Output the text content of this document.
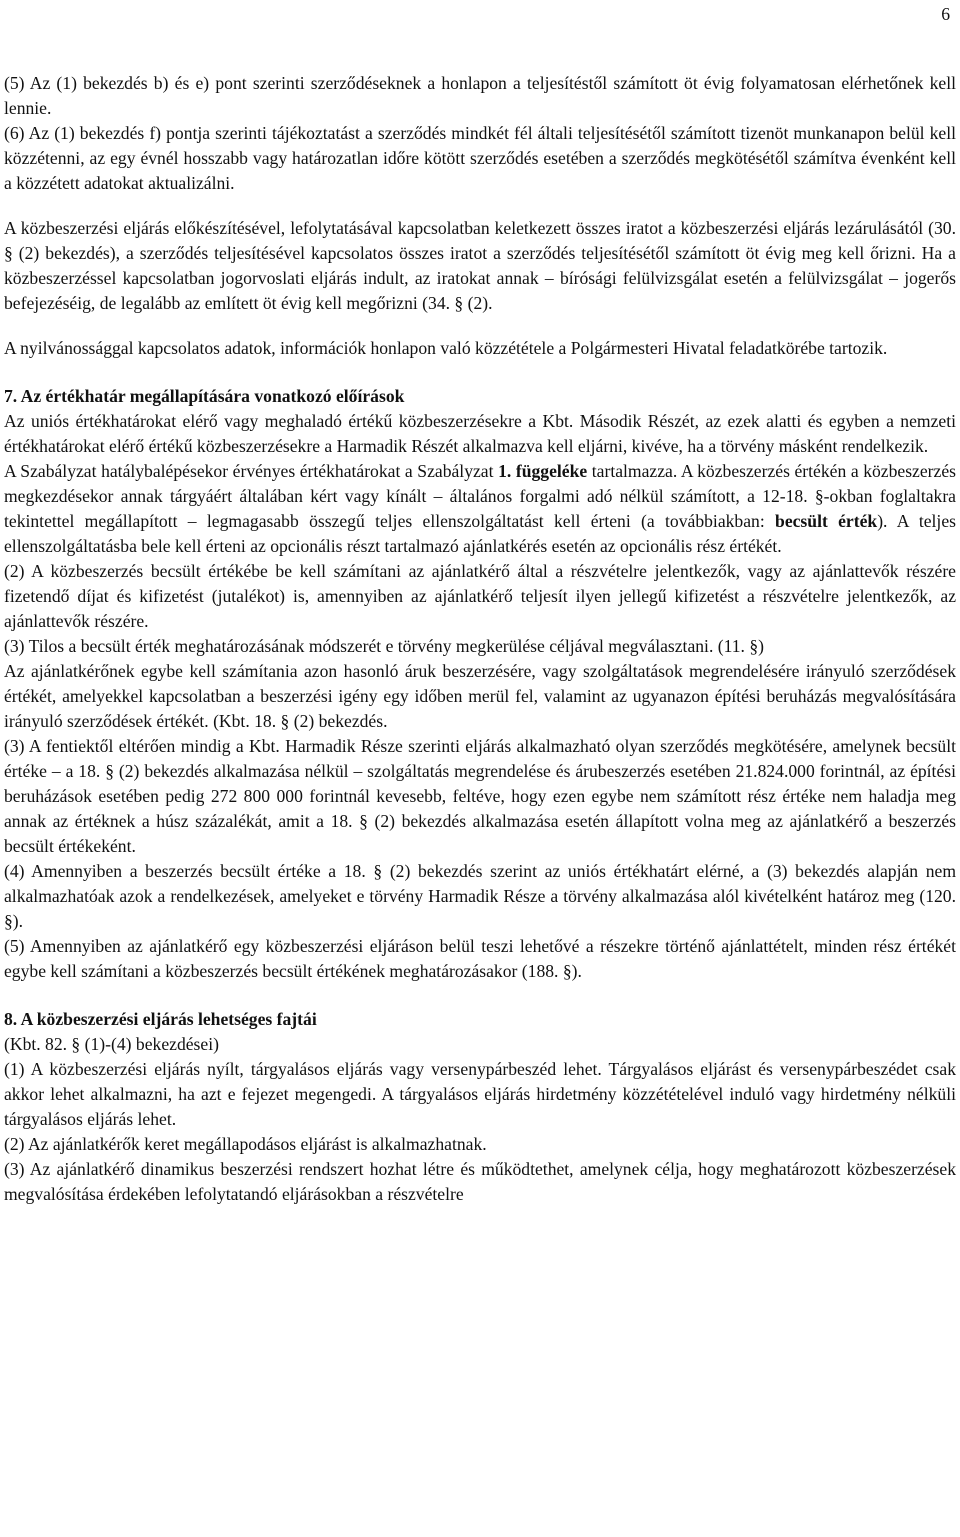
6

(5) Az (1) bekezdés b) és e) pont szerinti szerződéseknek a honlapon a teljesítéstől számított öt évig folyamatosan elérhetőnek kell lennie.

(6) Az (1) bekezdés f) pontja szerinti tájékoztatást a szerződés mindkét fél általi teljesítésétől számított tizenöt munkanapon belül kell közzétenni, az egy évnél hosszabb vagy határozatlan időre kötött szerződés esetében a szerződés megkötésétől számítva évenként kell a közzétett adatokat aktualizálni.

A közbeszerzési eljárás előkészítésével, lefolytatásával kapcsolatban keletkezett összes iratot a közbeszerzési eljárás lezárulásától (30. § (2) bekezdés), a szerződés teljesítésével kapcsolatos összes iratot a szerződés teljesítésétől számított öt évig meg kell őrizni. Ha a közbeszerzéssel kapcsolatban jogorvoslati eljárás indult, az iratokat annak – bírósági felülvizsgálat esetén a felülvizsgálat – jogerős befejezéséig, de legalább az említett öt évig kell megőrizni (34. § (2).

A nyilvánossággal kapcsolatos adatok, információk honlapon való közzététele a Polgármesteri Hivatal feladatkörébe tartozik.

7. Az értékhatár megállapítására vonatkozó előírások

Az uniós értékhatárokat elérő vagy meghaladó értékű közbeszerzésekre a Kbt. Második Részét, az ezek alatti és egyben a nemzeti értékhatárokat elérő értékű közbeszerzésekre a Harmadik Részét alkalmazva kell eljárni, kivéve, ha a törvény másként rendelkezik.

A Szabályzat hatálybalépésekor érvényes értékhatárokat a Szabályzat 1. függeléke tartalmazza. A közbeszerzés értékén a közbeszerzés megkezdésekor annak tárgyáért általában kért vagy kínált – általános forgalmi adó nélkül számított, a 12-18. §-okban foglaltakra tekintettel megállapított – legmagasabb összegű teljes ellenszolgáltatást kell érteni (a továbbiakban: becsült érték). A teljes ellenszolgáltatásba bele kell érteni az opcionális részt tartalmazó ajánlatkérés esetén az opcionális rész értékét.

(2) A közbeszerzés becsült értékébe be kell számítani az ajánlatkérő által a részvételre jelentkezők, vagy az ajánlattevők részére fizetendő díjat és kifizetést (jutalékot) is, amennyiben az ajánlatkérő teljesít ilyen jellegű kifizetést a részvételre jelentkezők, az ajánlattevők részére.

(3) Tilos a becsült érték meghatározásának módszerét e törvény megkerülése céljával megválasztani. (11. §)

Az ajánlatkérőnek egybe kell számítania azon hasonló áruk beszerzésére, vagy szolgáltatások megrendelésére irányuló szerződések értékét, amelyekkel kapcsolatban a beszerzési igény egy időben merül fel, valamint az ugyanazon építési beruházás megvalósítására irányuló szerződések értékét. (Kbt. 18. § (2) bekezdés.

(3) A fentiektől eltérően mindig a Kbt. Harmadik Része szerinti eljárás alkalmazható olyan szerződés megkötésére, amelynek becsült értéke – a 18. § (2) bekezdés alkalmazása nélkül – szolgáltatás megrendelése és árubeszerzés esetében 21.824.000 forintnál, az építési beruházások esetében pedig 272 800 000 forintnál kevesebb, feltéve, hogy ezen egybe nem számított rész értéke nem haladja meg annak az értéknek a húsz százalékát, amit a 18. § (2) bekezdés alkalmazása esetén állapított volna meg az ajánlatkérő a beszerzés becsült értékeként.

(4) Amennyiben a beszerzés becsült értéke a 18. § (2) bekezdés szerint az uniós értékhatárt elérné, a (3) bekezdés alapján nem alkalmazhatóak azok a rendelkezések, amelyeket e törvény Harmadik Része a törvény alkalmazása alól kivételként határoz meg (120. §).

(5) Amennyiben az ajánlatkérő egy közbeszerzési eljáráson belül teszi lehetővé a részekre történő ajánlattételt, minden rész értékét egybe kell számítani a közbeszerzés becsült értékének meghatározásakor (188. §).

8. A közbeszerzési eljárás lehetséges fajtái

(Kbt. 82. § (1)-(4) bekezdései)

(1) A közbeszerzési eljárás nyílt, tárgyalásos eljárás vagy versenypárbeszéd lehet. Tárgyalásos eljárást és versenypárbeszédet csak akkor lehet alkalmazni, ha azt e fejezet megengedi. A tárgyalásos eljárás hirdetmény közzétételével induló vagy hirdetmény nélküli tárgyalásos eljárás lehet.

(2) Az ajánlatkérők keret megállapodásos eljárást is alkalmazhatnak.

(3) Az ajánlatkérő dinamikus beszerzési rendszert hozhat létre és működtethet, amelynek célja, hogy meghatározott közbeszerzések megvalósítása érdekében lefolytatandó eljárásokban a részvételre
